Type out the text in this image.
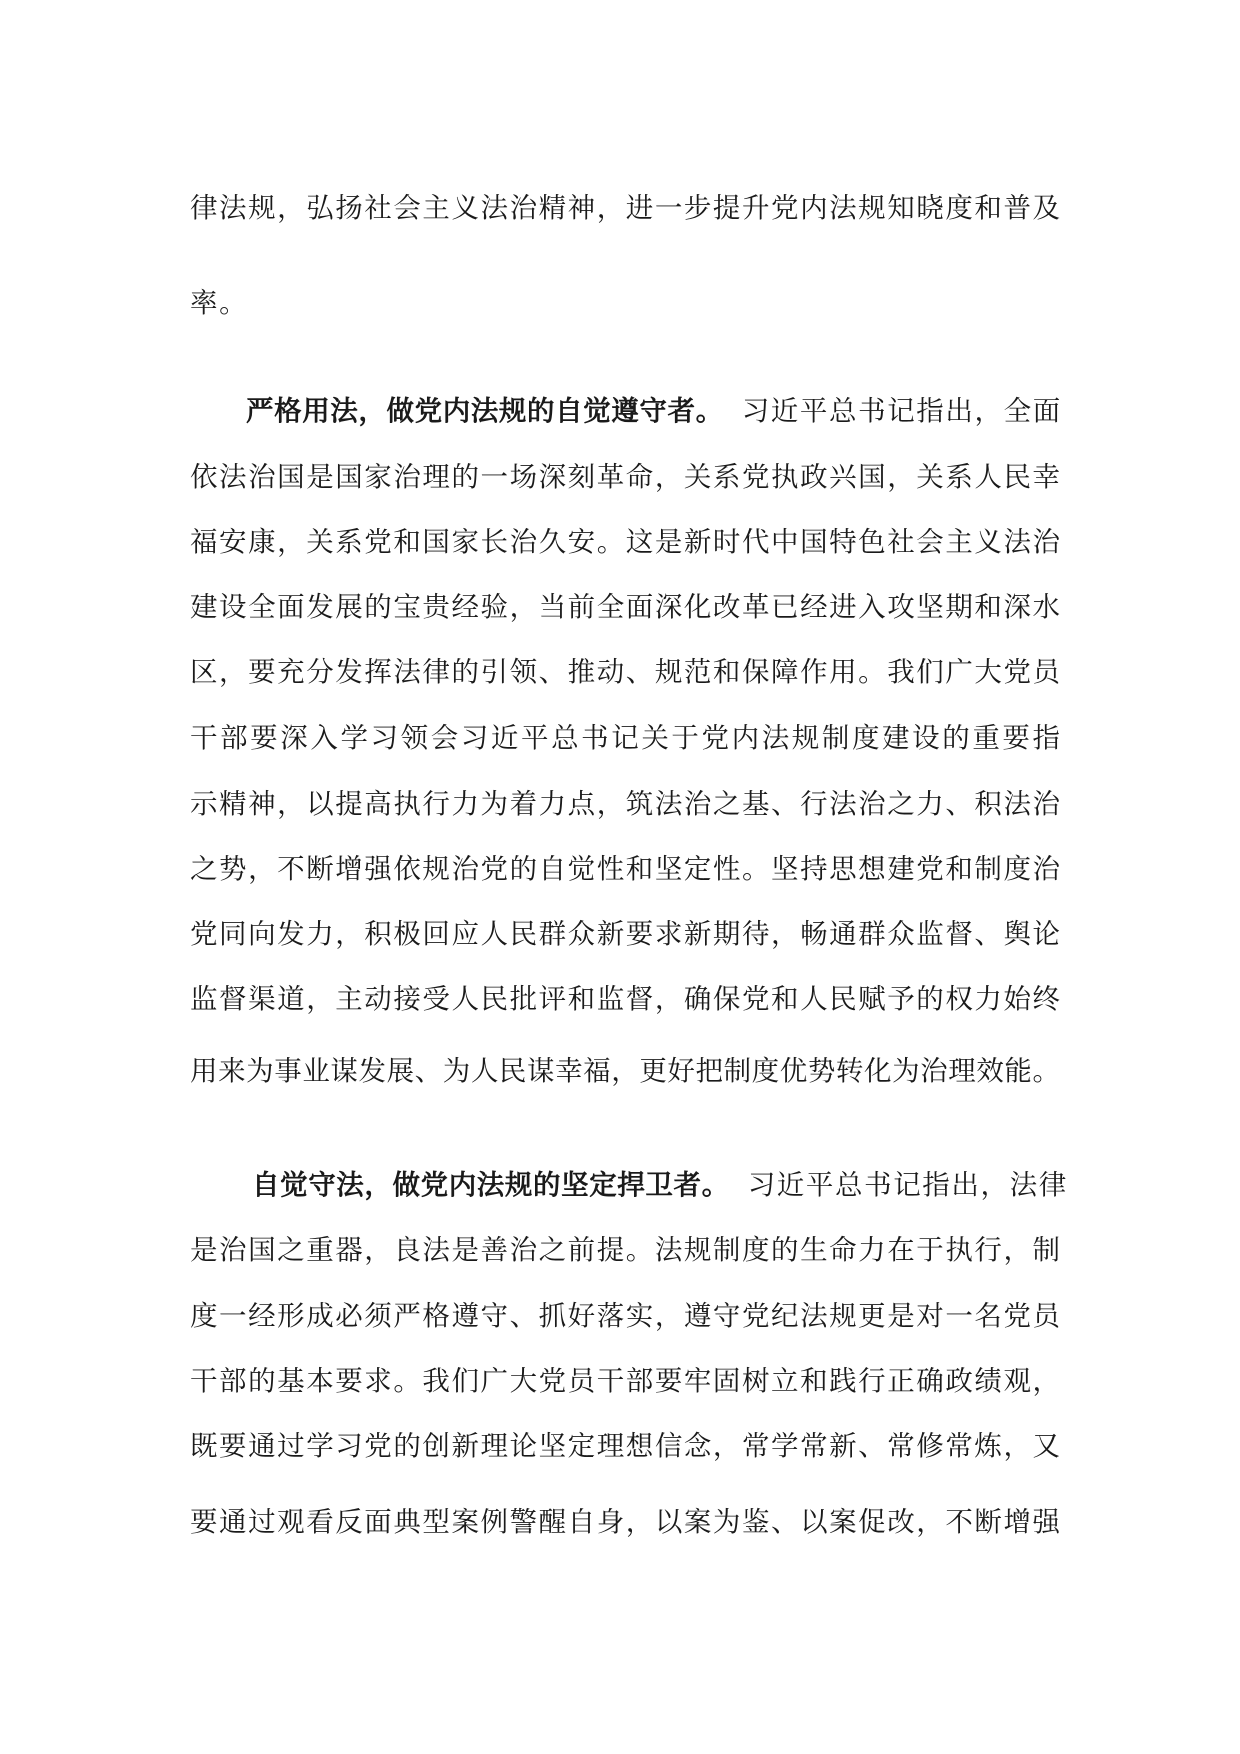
律法规，弘扬社会主义法治精神，进一步提升党内法规知晓度和普及
率。
严格用法，做党内法规的自觉遵守者。 习近平总书记指出，全面
依法治国是国家治理的一场深刻革命，关系党执政兴国，关系人民幸
福安康，关系党和国家长治久安。这是新时代中国特色社会主义法治
建设全面发展的宝贵经验，当前全面深化改革已经进入攻坚期和深水
区，要充分发挥法律的引领、推动、规范和保障作用。我们广大党员
干部要深入学习领会习近平总书记关于党内法规制度建设的重要指
示精神，以提高执行力为着力点，筑法治之基、行法治之力、积法治
之势，不断增强依规治党的自觉性和坚定性。坚持思想建党和制度治
党同向发力，积极回应人民群众新要求新期待，畅通群众监督、舆论
监督渠道，主动接受人民批评和监督，确保党和人民赋予的权力始终
用来为事业谋发展、为人民谋幸福，更好把制度优势转化为治理效能。
自觉守法，做党内法规的坚定捍卫者。 习近平总书记指出，法律
是治国之重器，良法是善治之前提。法规制度的生命力在于执行，制
度一经形成必须严格遵守、抓好落实，遵守党纪法规更是对一名党员
干部的基本要求。我们广大党员干部要牢固树立和践行正确政绩观，
既要通过学习党的创新理论坚定理想信念，常学常新、常修常炼，又
要通过观看反面典型案例警醒自身，以案为鉴、以案促改，不断增强
